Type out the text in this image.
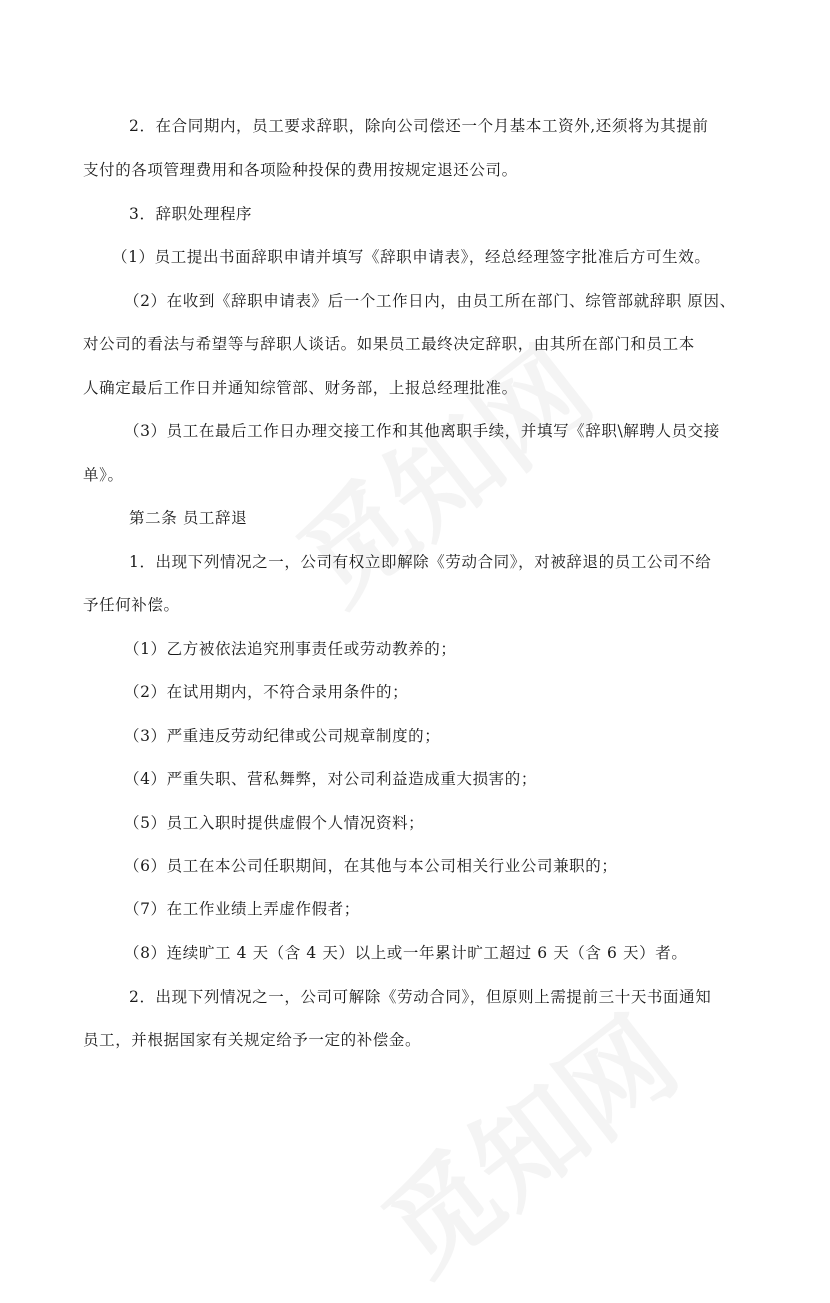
2．在合同期内，员工要求辞职，除向公司偿还一个月基本工资外,还须将为其提前
支付的各项管理费用和各项险种投保的费用按规定退还公司。
3．辞职处理程序
（1）员工提出书面辞职申请并填写《辞职申请表》，经总经理签字批准后方可生效。
（2）在收到《辞职申请表》后一个工作日内，由员工所在部门、综管部就辞职 原因、
对公司的看法与希望等与辞职人谈话。如果员工最终决定辞职，由其所在部门和员工本
人确定最后工作日并通知综管部、财务部，上报总经理批准。
（3）员工在最后工作日办理交接工作和其他离职手续，并填写《辞职\解聘人员交接
单》。
第二条 员工辞退
1．出现下列情况之一，公司有权立即解除《劳动合同》，对被辞退的员工公司不给
予任何补偿。
（1）乙方被依法追究刑事责任或劳动教养的；
（2）在试用期内，不符合录用条件的；
（3）严重违反劳动纪律或公司规章制度的；
（4）严重失职、营私舞弊，对公司利益造成重大损害的；
（5）员工入职时提供虚假个人情况资料；
（6）员工在本公司任职期间，在其他与本公司相关行业公司兼职的；
（7）在工作业绩上弄虚作假者；
（8）连续旷工 4 天（含 4 天）以上或一年累计旷工超过 6 天（含 6 天）者。
2．出现下列情况之一，公司可解除《劳动合同》，但原则上需提前三十天书面通知
员工，并根据国家有关规定给予一定的补偿金。
